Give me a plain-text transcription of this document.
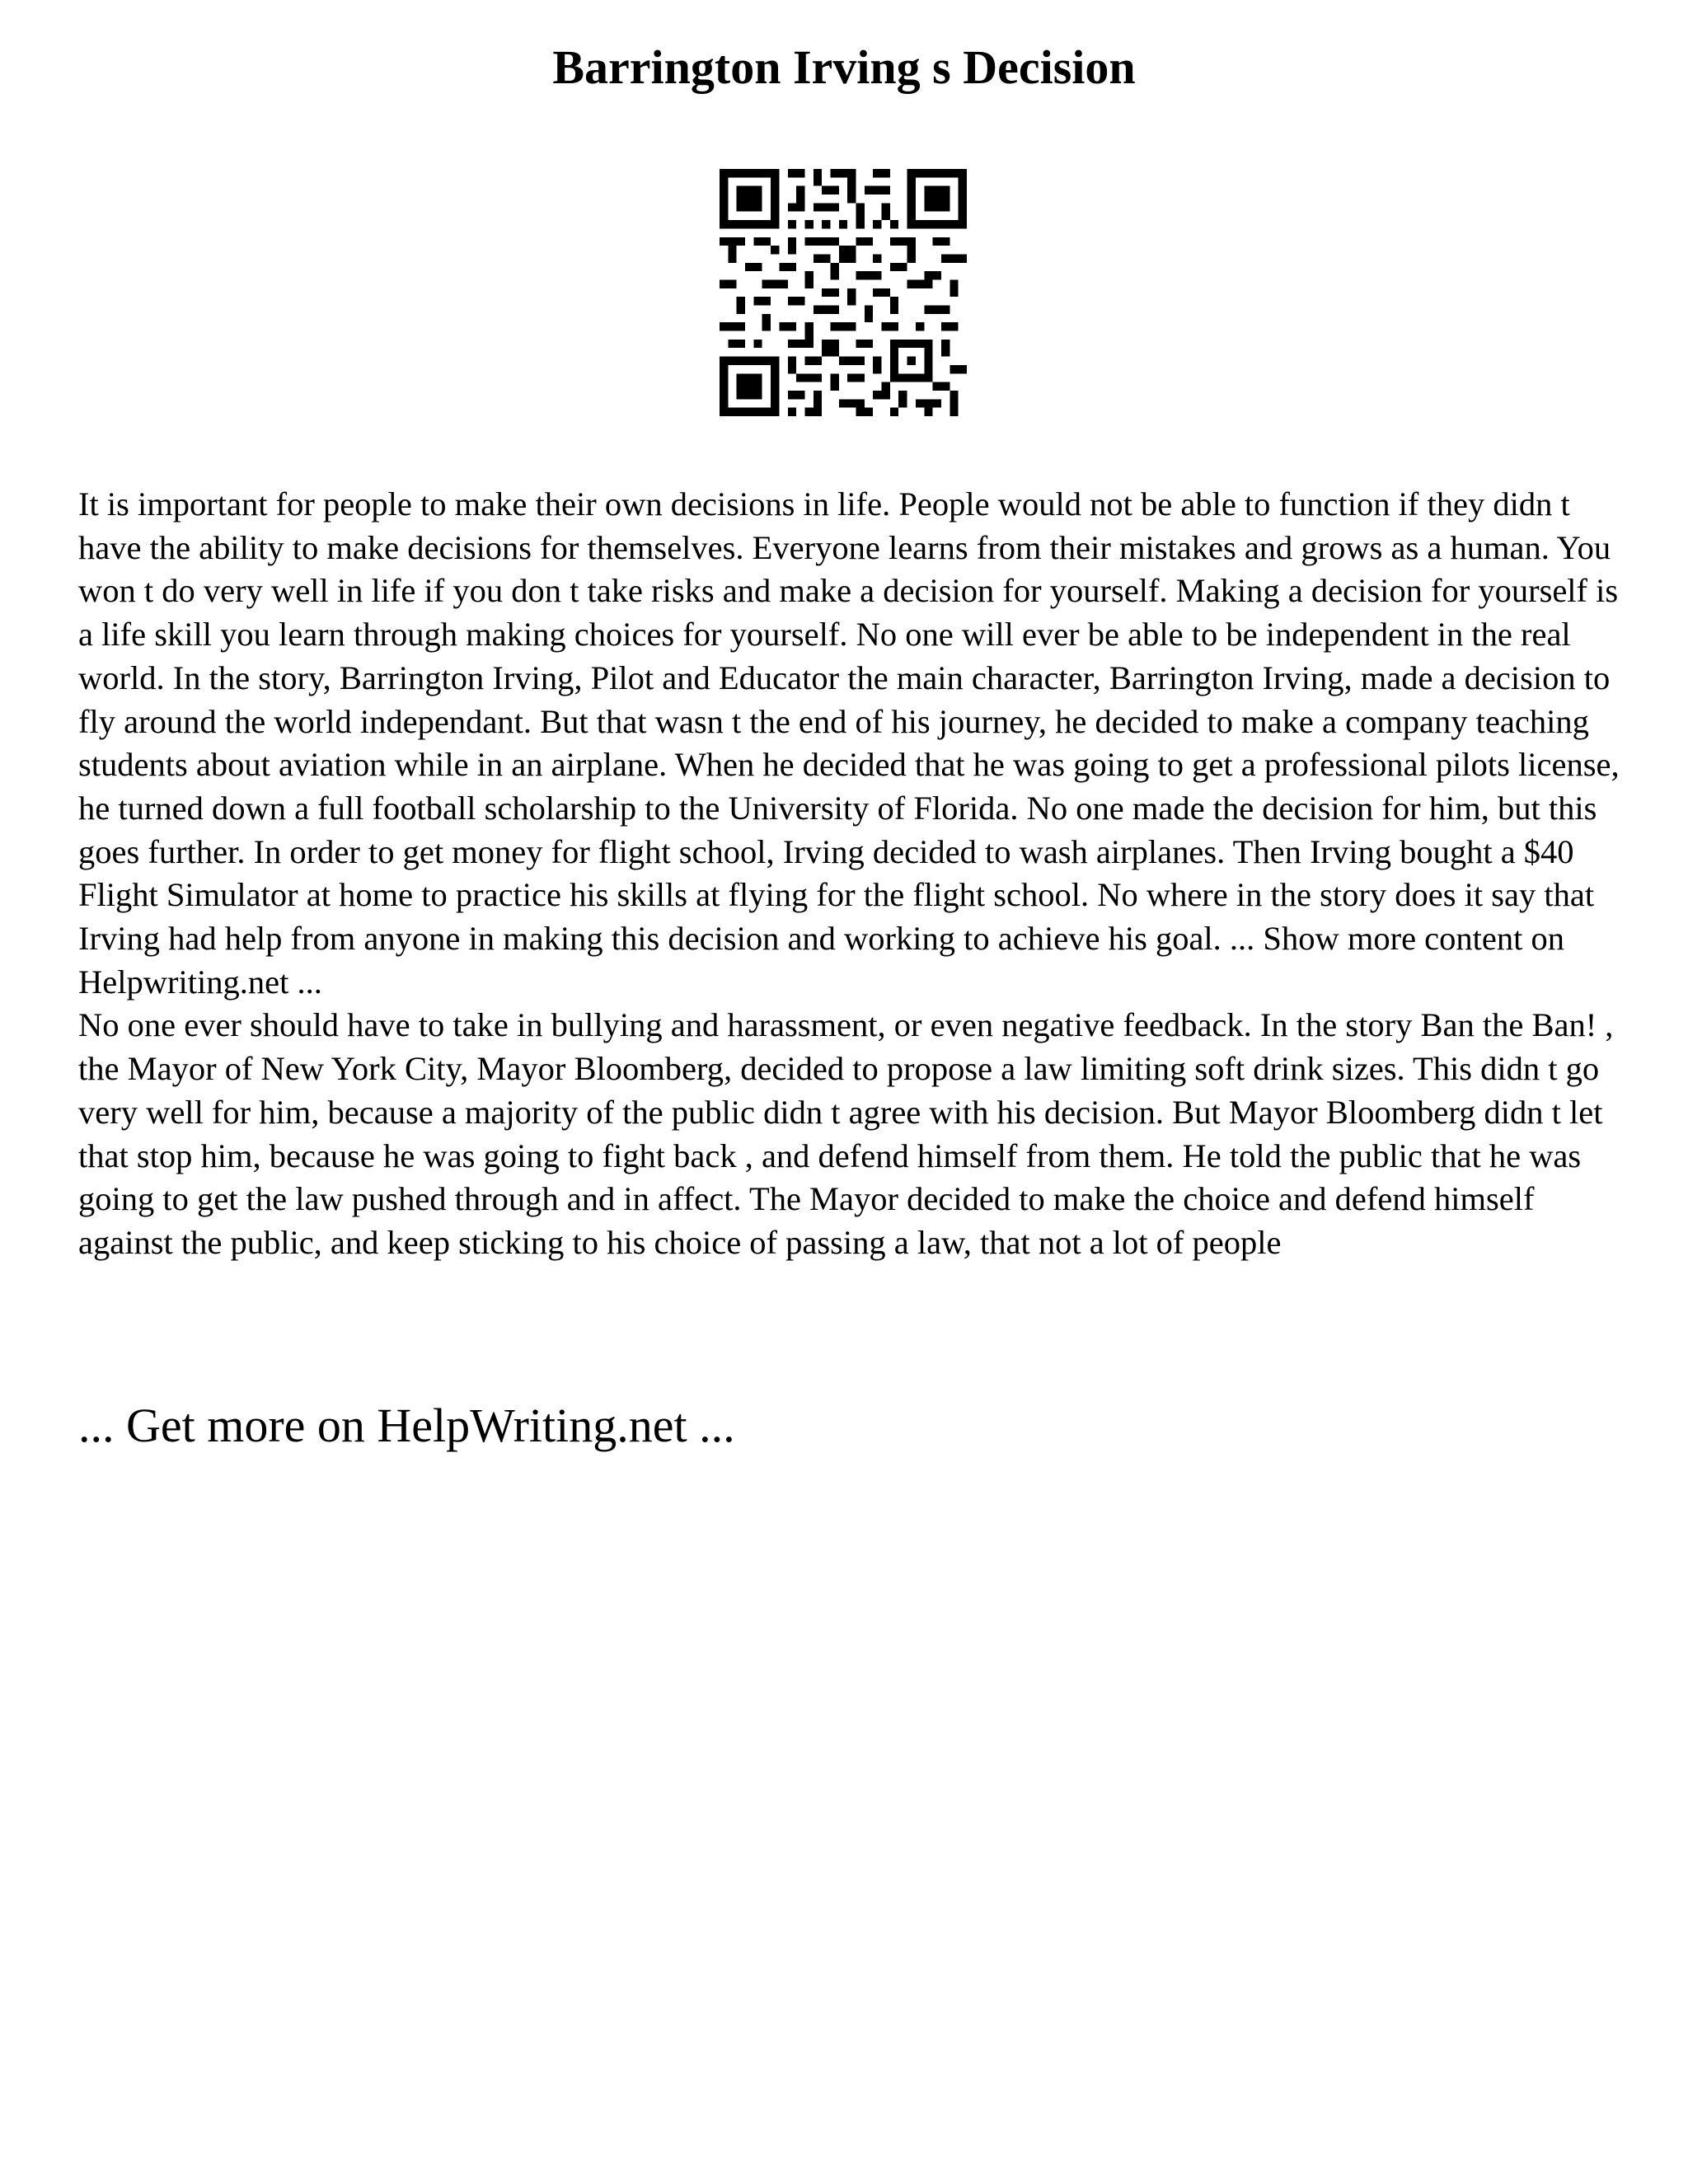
Barrington Irving s Decision

It is important for people to make their own decisions in life. People would not be able to function if they didn t have the ability to make decisions for themselves. Everyone learns from their mistakes and grows as a human. You won t do very well in life if you don t take risks and make a decision for yourself. Making a decision for yourself is a life skill you learn through making choices for yourself. No one will ever be able to be independent in the real world. In the story, Barrington Irving, Pilot and Educator the main character, Barrington Irving, made a decision to fly around the world independant. But that wasn t the end of his journey, he decided to make a company teaching students about aviation while in an airplane. When he decided that he was going to get a professional pilots license, he turned down a full football scholarship to the University of Florida. No one made the decision for him, but this goes further. In order to get money for flight school, Irving decided to wash airplanes. Then Irving bought a $40 Flight Simulator at home to practice his skills at flying for the flight school. No where in the story does it say that Irving had help from anyone in making this decision and working to achieve his goal. ... Show more content on Helpwriting.net ...

No one ever should have to take in bullying and harassment, or even negative feedback. In the story Ban the Ban! , the Mayor of New York City, Mayor Bloomberg, decided to propose a law limiting soft drink sizes. This didn t go very well for him, because a majority of the public didn t agree with his decision. But Mayor Bloomberg didn t let that stop him, because he was going to fight back , and defend himself from them. He told the public that he was going to get the law pushed through and in affect. The Mayor decided to make the choice and defend himself against the public, and keep sticking to his choice of passing a law, that not a lot of people

... Get more on HelpWriting.net ...
